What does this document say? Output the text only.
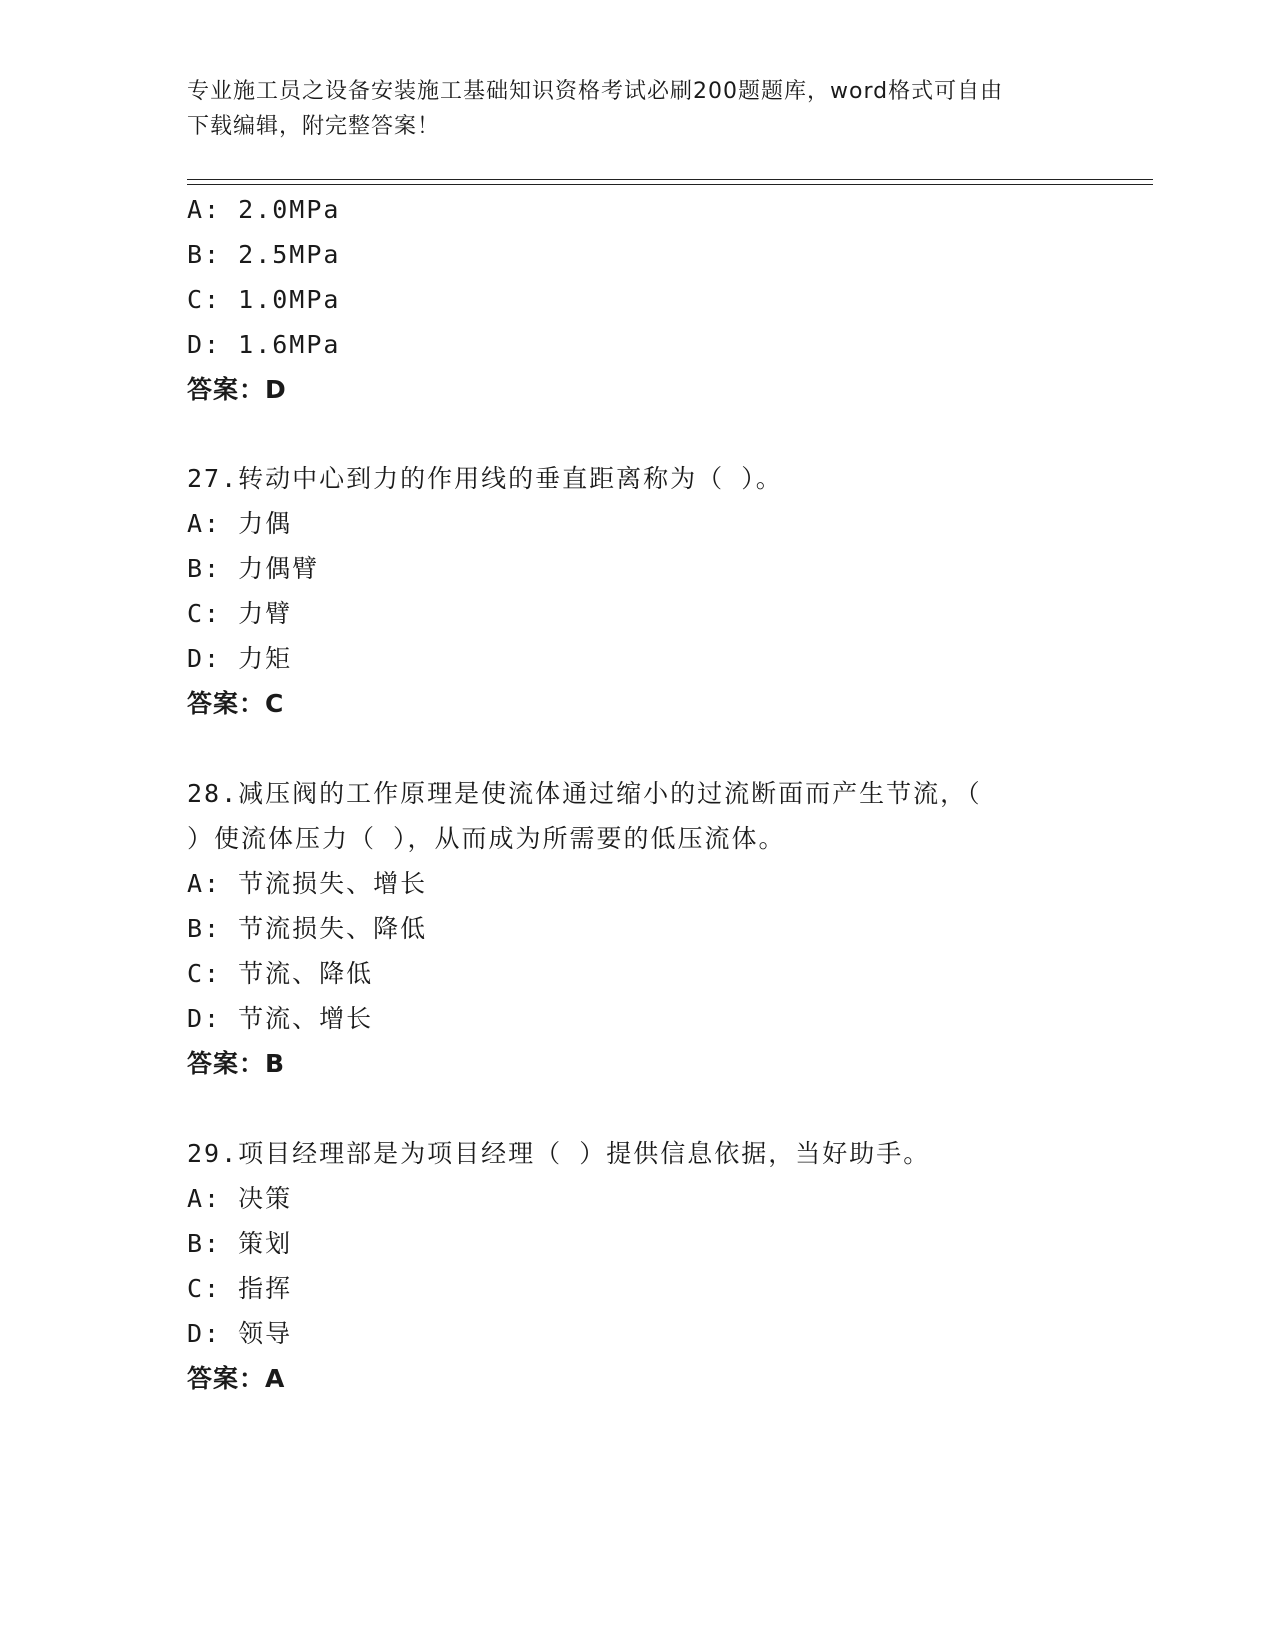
专业施工员之设备安装施工基础知识资格考试必刷200题题库，word格式可自由
下载编辑，附完整答案！
A: 2.0MPa
B: 2.5MPa
C: 1.0MPa
D: 1.6MPa
答案：D
27.转动中心到力的作用线的垂直距离称为（ ）。
A: 力偶
B: 力偶臂
C: 力臂
D: 力矩
答案：C
28.减压阀的工作原理是使流体通过缩小的过流断面而产生节流，（
）使流体压力（ ），从而成为所需要的低压流体。
A: 节流损失、增长
B: 节流损失、降低
C: 节流、降低
D: 节流、增长
答案：B
29.项目经理部是为项目经理（ ）提供信息依据，当好助手。
A: 决策
B: 策划
C: 指挥
D: 领导
答案：A
